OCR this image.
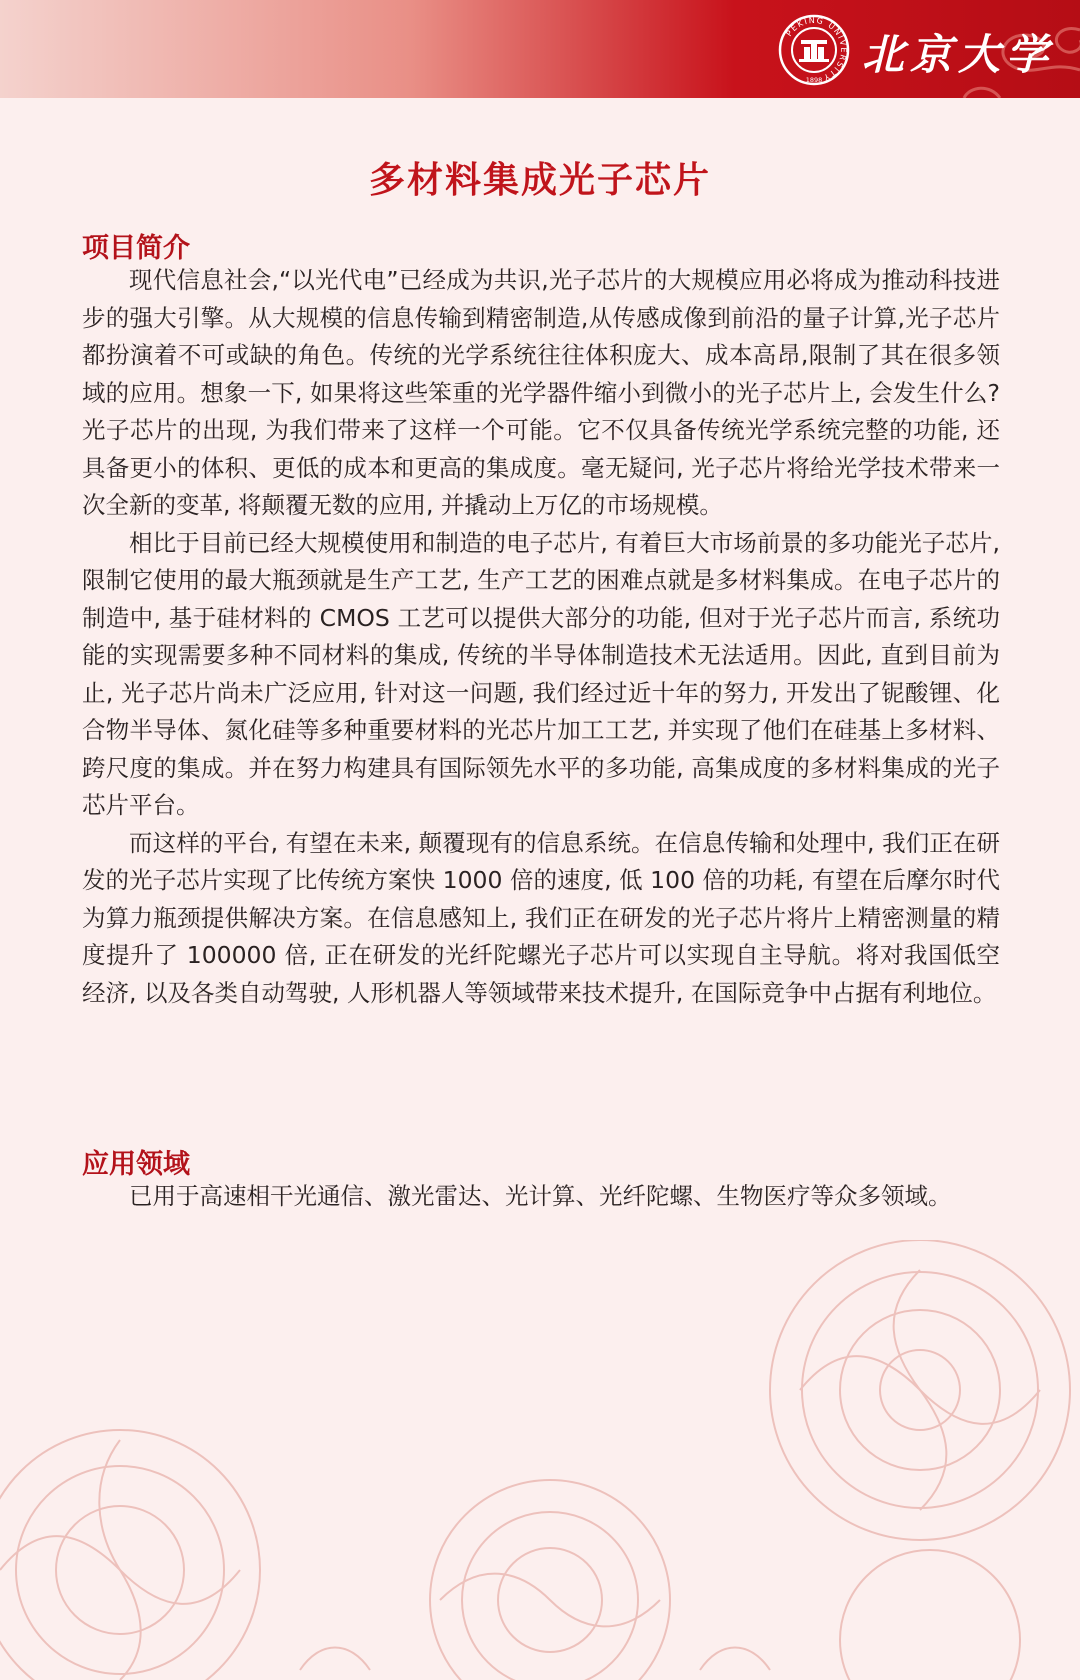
PEKING UNIVERSITY
1898
北京大学
多材料集成光子芯片
项目简介

现代信息社会,“以光代电”已经成为共识,光子芯片的大规模应用必将成为推动科技进步的强大引擎。从大规模的信息传输到精密制造,从传感成像到前沿的量子计算,光子芯片都扮演着不可或缺的角色。传统的光学系统往往体积庞大、成本高昂,限制了其在很多领域的应用。想象一下, 如果将这些笨重的光学器件缩小到微小的光子芯片上, 会发生什么? 光子芯片的出现, 为我们带来了这样一个可能。它不仅具备传统光学系统完整的功能, 还具备更小的体积、更低的成本和更高的集成度。毫无疑问, 光子芯片将给光学技术带来一次全新的变革, 将颠覆无数的应用, 并撬动上万亿的市场规模。

相比于目前已经大规模使用和制造的电子芯片, 有着巨大市场前景的多功能光子芯片, 限制它使用的最大瓶颈就是生产工艺, 生产工艺的困难点就是多材料集成。在电子芯片的制造中, 基于硅材料的 CMOS 工艺可以提供大部分的功能, 但对于光子芯片而言, 系统功能的实现需要多种不同材料的集成, 传统的半导体制造技术无法适用。因此, 直到目前为止, 光子芯片尚未广泛应用, 针对这一问题, 我们经过近十年的努力, 开发出了铌酸锂、化合物半导体、氮化硅等多种重要材料的光芯片加工工艺, 并实现了他们在硅基上多材料、跨尺度的集成。并在努力构建具有国际领先水平的多功能, 高集成度的多材料集成的光子芯片平台。

而这样的平台, 有望在未来, 颠覆现有的信息系统。在信息传输和处理中, 我们正在研发的光子芯片实现了比传统方案快 1000 倍的速度, 低 100 倍的功耗, 有望在后摩尔时代为算力瓶颈提供解决方案。在信息感知上, 我们正在研发的光子芯片将片上精密测量的精度提升了 100000 倍, 正在研发的光纤陀螺光子芯片可以实现自主导航。将对我国低空经济, 以及各类自动驾驶, 人形机器人等领域带来技术提升, 在国际竞争中占据有利地位。

应用领域

已用于高速相干光通信、激光雷达、光计算、光纤陀螺、生物医疗等众多领域。
